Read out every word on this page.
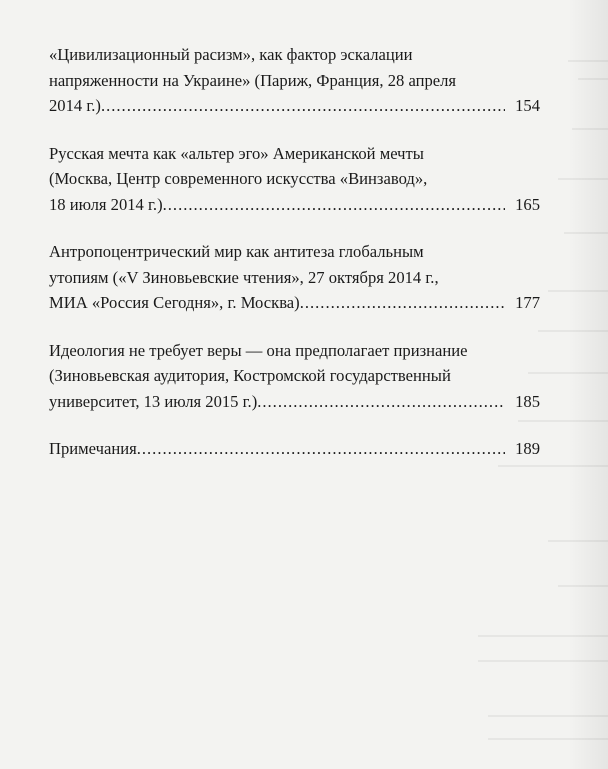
«Цивилизационный расизм», как фактор эскалации
напряженности на Украине» (Париж, Франция, 28 апреля
2014 г.) .....	154
Русская мечта как «альтер эго» Американской мечты
(Москва, Центр современного искусства «Винзавод»,
18 июля 2014 г.) .....	165
Антропоцентрический мир как антитеза глобальным
утопиям («V Зиновьевские чтения», 27 октября 2014 г.,
МИА «Россия Сегодня», г. Москва) .....	177
Идеология не требует веры — она предполагает признание
(Зиновьевская аудитория, Костромской государственный
университет, 13 июля 2015 г.) .....	185
Примечания .....	189
